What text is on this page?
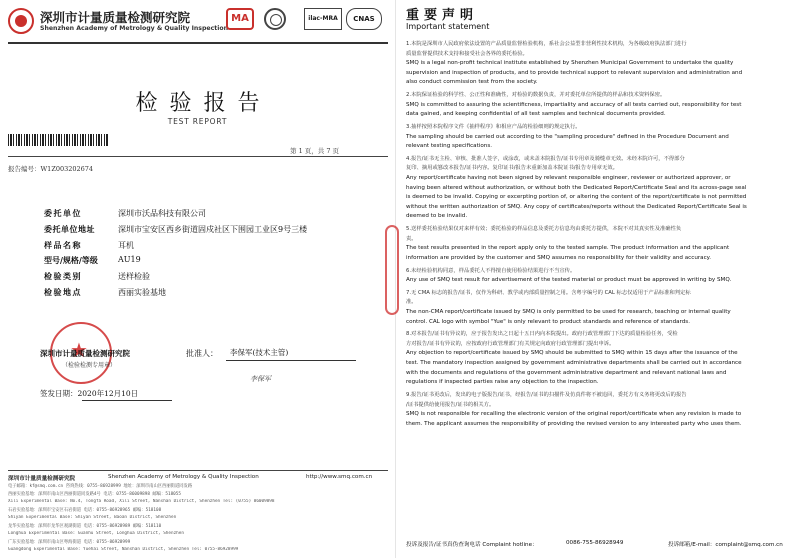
深圳市计量质量检测研究院
Shenzhen Academy of Metrology & Quality Inspection
MA	ilac-MRA	CNAS
检验报告
TEST REPORT
第 1 页，共 7 页
报告编号：W1Z003202674
委托单位	深圳市沃品科技有限公司
委托单位地址	深圳市宝安区西乡街道固戍社区下围园工业区9号三楼
样品名称	耳机
型号/规格/等级	AU19
检验类别	送样检验
检验地点	西丽实验基地
★
深圳市计量质量检测研究院
（检验检测专用章）
批准人： 李保军(技术主管)
李保军
签发日期：2020年12月10日
深圳市计量质量检测研究院	Shenzhen Academy of Metrology & Quality Inspection	http://www.smq.com.cn
电子邮箱：kf@smq.com.cn 咨询热线：0755-86928999 地址：深圳市南山区西丽街道同发路
西丽实验基地：深圳市南山区西丽街道同发路4号 电话：0755-86009898 邮编：518055
Xili Experimental Base: No.4, Tongfa Road, Xili Street, Nanshan District, Shenzhen Tel: (0755) 86009898
石岩实验基地：深圳市宝安区石岩街道 电话：0755-86928965 邮编：518108
Shiyan Experimental Base: Shiyan Street, Baoan District, Shenzhen
龙华实验基地：深圳市龙华区观湖街道 电话：0755-86928989 邮编：518110
Longhua Experimental Base: Guanhu Street, Longhua District, Shenzhen
广东实验基地：深圳市南山区粤海街道 电话：0755-86928999
Guangdong Experimental Base: Yuehai Street, Nanshan District, Shenzhen Tel: 0755-86928999
重要声明
Important statement
1.本院是深圳市人民政府依法设置的产品质量监督检验机构，系社会公益型非营利性技术机构，为各级政府执法部门进行
质量监督提供技术支持和接受社会各界的委托检验。
SMQ is a legal non-profit technical institute established by Shenzhen Municipal Government to undertake the quality
supervision and inspection of products, and to provide technical support to relevant supervision and administration and
also conduct commission test from the society.
2.本院保证检验的科学性、公正性和准确性，对检验的数据负责，并对委托单位所提供的样品和技术资料保密。
SMQ is committed to assuring the scientificness, impartiality and accuracy of all tests carried out, responsibility for test
data gained, and keeping confidential of all test samples and technical documents provided.
3.抽样按照本院程序文件《抽样程序》和相应产品的检验细则的规定执行。
The sampling should be carried out according to the "sampling procedure" defined in the Procedure Document and
relevant testing specifications.
4.报告/证书无主检、审核、批准人签字，或涂改，或未盖本院报告/证书专用章及骑缝章无效。未经本院许可，不得部分
复印、摘用或篡改本报告/证书内容。复印证书/报告未重新加盖本院证书/报告专用章无效。
Any report/certificate having not been signed by relevant responsible engineer, reviewer or authorized approver, or
having been altered without authorization, or without both the Dedicated Report/Certificate Seal and its across-page seal
is deemed to be invalid. Copying or excerpting portion of, or altering the content of the report/certificate is not permitted
without the written authorization of SMQ. Any copy of certificates/reports without the Dedicated Report/Certificate Seal is
deemed to be invalid.
5.送样委托检验结果仅对来样有效；委托检验的样品信息及委托方信息均由委托方提供，本院不对其真实性及准确性负
责。
The test results presented in the report apply only to the tested sample. The product information and the applicant
information are provided by the customer and SMQ assumes no responsibility for their validity and accuracy.
6.未经检验机构同意，样品委托人不得擅自使用检验结果进行不当宣传。
Any use of SMQ test result for advertisement of the tested material or product must be approved in writing by SMQ.
7.无 CMA 标志的报告/证书，仅作为科研、教学或内部质量控制之用。含粤字编号的 CAL 标志仅适用于产品标准和判定标
准。
The non-CMA report/certificate issued by SMQ is only permitted to be used for research, teaching or internal quality
control. CAL logo with symbol "Yue" is only relevant to product standards and reference of standards.
8.对本报告/证书有异议的，应于报告发出之日起十五日内向本院提出。政府行政管理部门下达的质量检验任务，受检
方对报告/证书有异议的，应按政府行政管理部门有关规定向政府行政管理部门提出申诉。
Any objection to report/certificate issued by SMQ should be submitted to SMQ within 15 days after the issuance of the
test. The mandatory inspection assigned by government administrative departments shall be carried out in accordance
with the documents and regulations of the government administrative department and relevant national laws and
regulations if inspected parties raise any objection to the inspection.
9.报告/证书更改后，发出的电子版报告/证书，经报告/证书的扫描件及仿真件将不被追回，委托方有义务将更改后的报告
/证书提供给使用报告/证书的相关方。
SMQ is not responsible for recalling the electronic version of the original report/certificate when any revision is made to
them. The applicant assumes the responsibility of providing the revised version to any interested party who uses them.
投诉及报告/证书真伪查询电话 Complaint hotline：	0086-755-86928949	投诉邮箱/E-mail：complaint@smq.com.cn
